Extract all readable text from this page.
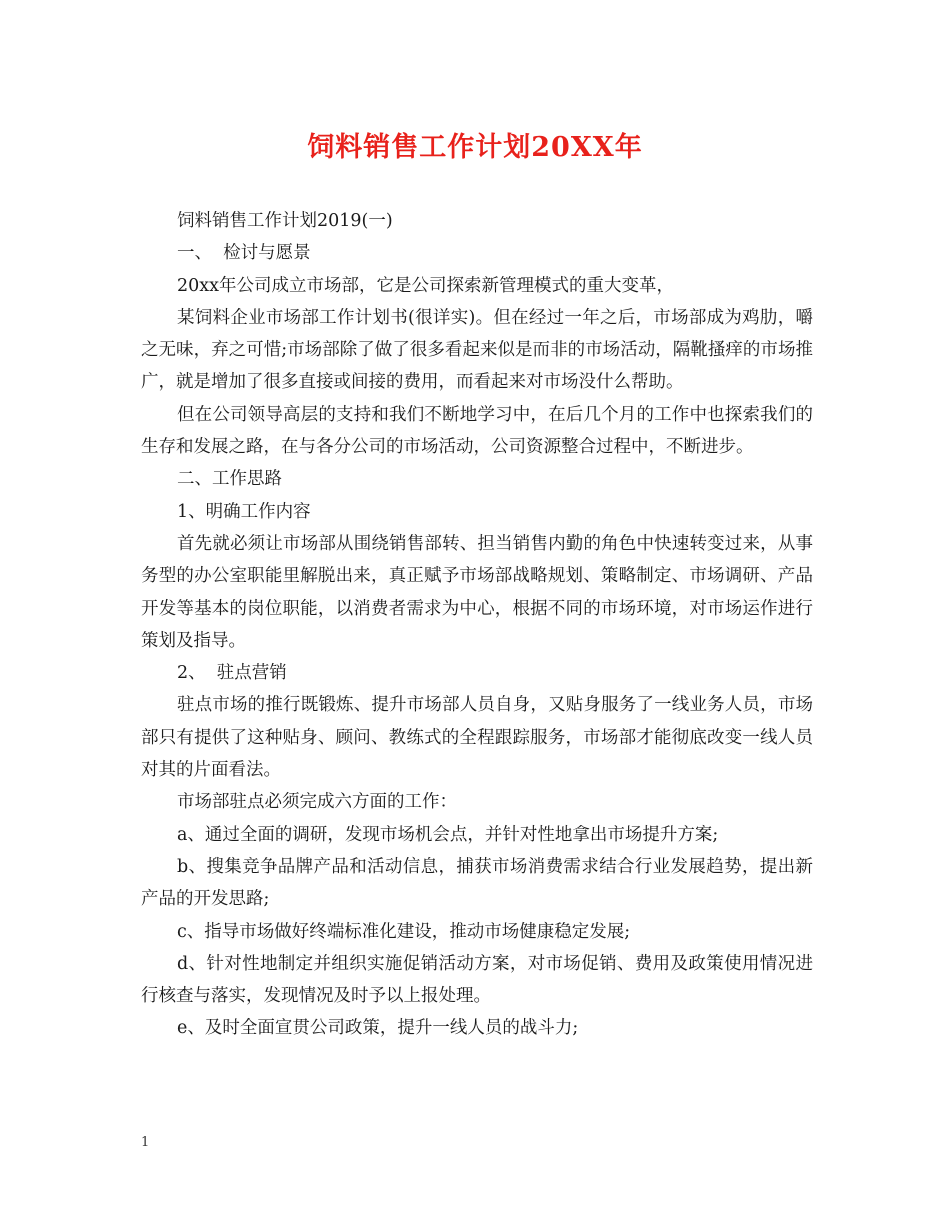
饲料销售工作计划20XX年

饲料销售工作计划2019(一)

一、  检讨与愿景

20xx年公司成立市场部，它是公司探索新管理模式的重大变革，

某饲料企业市场部工作计划书(很详实)。但在经过一年之后，市场部成为鸡肋，嚼之无味，弃之可惜;市场部除了做了很多看起来似是而非的市场活动，隔靴搔痒的市场推广，就是增加了很多直接或间接的费用，而看起来对市场没什么帮助。

但在公司领导高层的支持和我们不断地学习中，在后几个月的工作中也探索我们的生存和发展之路，在与各分公司的市场活动，公司资源整合过程中，不断进步。

二、工作思路

1、明确工作内容

首先就必须让市场部从围绕销售部转、担当销售内勤的角色中快速转变过来，从事务型的办公室职能里解脱出来，真正赋予市场部战略规划、策略制定、市场调研、产品开发等基本的岗位职能，以消费者需求为中心，根据不同的市场环境，对市场运作进行策划及指导。

2、  驻点营销

驻点市场的推行既锻炼、提升市场部人员自身，又贴身服务了一线业务人员，市场部只有提供了这种贴身、顾问、教练式的全程跟踪服务，市场部才能彻底改变一线人员对其的片面看法。

市场部驻点必须完成六方面的工作：

a、通过全面的调研，发现市场机会点，并针对性地拿出市场提升方案;

b、搜集竞争品牌产品和活动信息，捕获市场消费需求结合行业发展趋势，提出新产品的开发思路;

c、指导市场做好终端标准化建设，推动市场健康稳定发展;

d、针对性地制定并组织实施促销活动方案，对市场促销、费用及政策使用情况进行核查与落实，发现情况及时予以上报处理。

e、及时全面宣贯公司政策，提升一线人员的战斗力;

1
